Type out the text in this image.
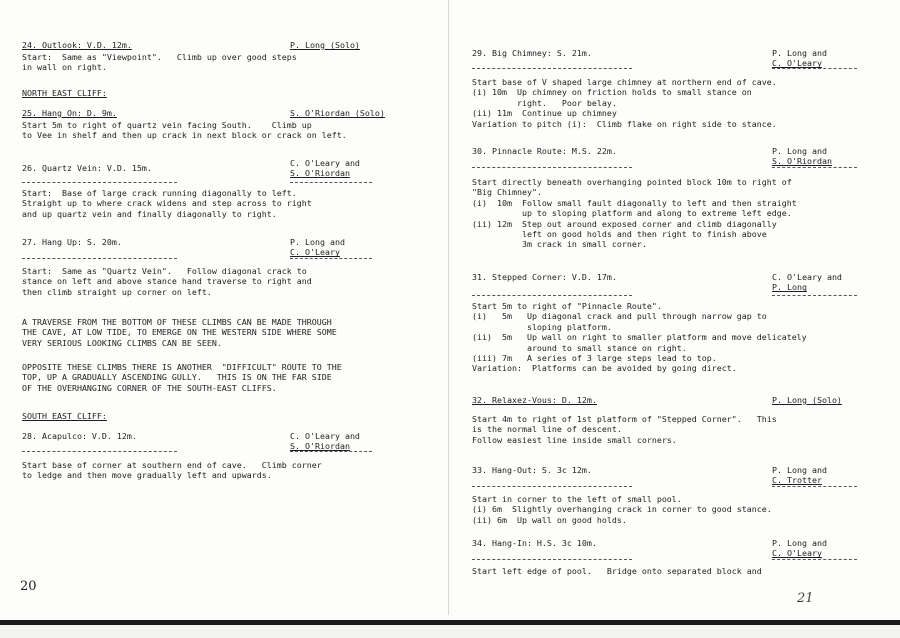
24. Outlook: V.D. 12m.	P. Long (Solo)
Start:  Same as "Viewpoint".   Climb up over good steps
in wall on right.
NORTH EAST CLIFF:
25. Hang On: D. 9m.	S. O'Riordan (Solo)
Start 5m to right of quartz vein facing South.    Climb up
to Vee in shelf and then up crack in next block or crack on left.
26. Quartz Vein: V.D. 15m.	C. O'Leary and
S. O'Riordan
Start:  Base of large crack running diagonally to left.
Straight up to where crack widens and step across to right
and up quartz vein and finally diagonally to right.
27. Hang Up: S. 20m.	P. Long and
C. O'Leary
Start:  Same as "Quartz Vein".   Follow diagonal crack to
stance on left and above stance hand traverse to right and
then climb straight up corner on left.
A TRAVERSE FROM THE BOTTOM OF THESE CLIMBS CAN BE MADE THROUGH
THE CAVE, AT LOW TIDE, TO EMERGE ON THE WESTERN SIDE WHERE SOME
VERY SERIOUS LOOKING CLIMBS CAN BE SEEN.
OPPOSITE THESE CLIMBS THERE IS ANOTHER  "DIFFICULT" ROUTE TO THE
TOP, UP A GRADUALLY ASCENDING GULLY.   THIS IS ON THE FAR SIDE
OF THE OVERHANGING CORNER OF THE SOUTH-EAST CLIFFS.
SOUTH EAST CLIFF:
28. Acapulco: V.D. 12m.	C. O'Leary and
S. O'Riordan
Start base of corner at southern end of cave.   Climb corner
to ledge and then move gradually left and upwards.
20
29. Big Chimney: S. 21m.	P. Long and
C. O'Leary
Start base of V shaped large chimney at northern end of cave.
(i) 10m  Up chimney on friction holds to small stance on
right.   Poor belay.
(ii) 11m  Continue up chimney
Variation to pitch (i):  Climb flake on right side to stance.
30. Pinnacle Route: M.S. 22m.	P. Long and
S. O'Riordan
Start directly beneath overhanging pointed block 10m to right of
"Big Chimney".
(i)  10m  Follow small fault diagonally to left and then straight
up to sloping platform and along to extreme left edge.
(ii) 12m  Step out around exposed corner and climb diagonally
left on good holds and then right to finish above
3m crack in small corner.
31. Stepped Corner: V.D. 17m.	C. O'Leary and
P. Long
Start 5m to right of "Pinnacle Route".
(i)   5m   Up diagonal crack and pull through narrow gap to
sloping platform.
(ii)  5m   Up wall on right to smaller platform and move delicately
around to small stance on right.
(iii) 7m   A series of 3 large steps lead to top.
Variation:  Platforms can be avoided by going direct.
32. Relaxez-Vous: D. 12m.	P. Long (Solo)
Start 4m to right of 1st platform of "Stepped Corner".   This
is the normal line of descent.
Follow easiest line inside small corners.
33. Hang-Out: S. 3c 12m.	P. Long and
C. Trotter
Start in corner to the left of small pool.
(i) 6m  Slightly overhanging crack in corner to good stance.
(ii) 6m  Up wall on good holds.
34. Hang-In: H.S. 3c 10m.	P. Long and
C. O'Leary
Start left edge of pool.   Bridge onto separated block and
21
